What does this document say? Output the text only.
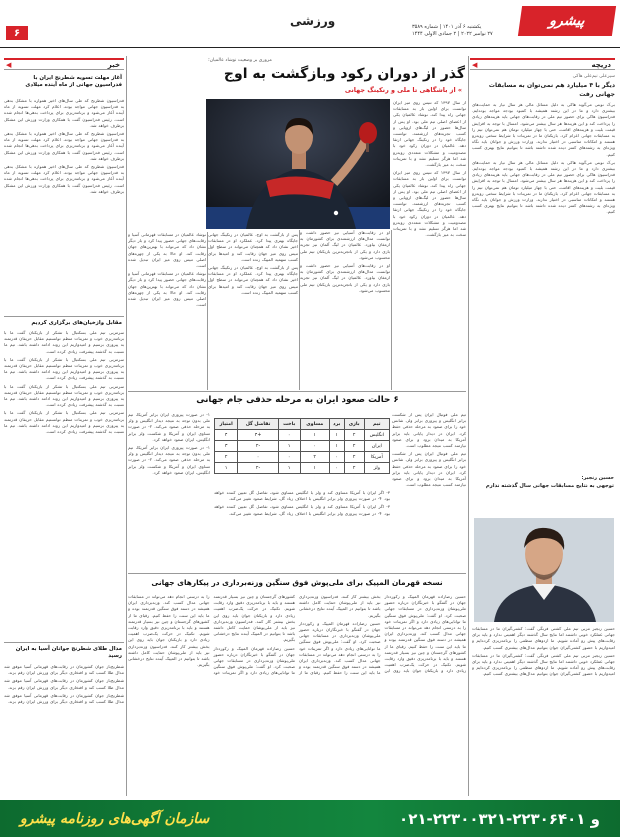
۶
ورزشی	یکشنبه ۶ آذر ۱۴۰۱ | شماره ۳۵۸۹
۲۷ نوامبر ۲۰۲۲ | ۲ جمادی الاولی ۱۴۴۴
پیشرو
دریچه
◀
سپرعلی نیم‌علی هاکی
دیگر با ۴ میلیارد هم نمی‌توان به مسابقات جهانی رفت

بی‌ک نوبتی می‌گوید هاکی به دلیل مسائل مالی هر سال نیاز به حمایت‌های بیشتری دارد و ما در این رشته همیشه با کمبود بودجه مواجه بوده‌ایم. فدراسیون هاکی برای حضور تیم ملی در رقابت‌های جهانی باید هزینه‌های زیادی را پرداخت کند و این هزینه‌ها هر سال بیشتر می‌شود. امسال با توجه به افزایش قیمت بلیت و هزینه‌های اقامت، حتی با چهار میلیارد تومان هم نمی‌توان تیم را به مسابقات جهانی اعزام کرد. بازیکنان ما در تمرینات با شرایط سختی روبه‌رو هستند و امکانات مناسبی در اختیار ندارند. وزارت ورزش و جوانان باید نگاه ویژه‌ای به رشته‌های کمتر دیده شده داشته باشد تا بتوانیم نتایج بهتری کسب کنیم.

بی‌ک نوبتی می‌گوید هاکی به دلیل مسائل مالی هر سال نیاز به حمایت‌های بیشتری دارد و ما در این رشته همیشه با کمبود بودجه مواجه بوده‌ایم. فدراسیون هاکی برای حضور تیم ملی در رقابت‌های جهانی باید هزینه‌های زیادی را پرداخت کند و این هزینه‌ها هر سال بیشتر می‌شود. امسال با توجه به افزایش قیمت بلیت و هزینه‌های اقامت، حتی با چهار میلیارد تومان هم نمی‌توان تیم را به مسابقات جهانی اعزام کرد. بازیکنان ما در تمرینات با شرایط سختی روبه‌رو هستند و امکانات مناسبی در اختیار ندارند. وزارت ورزش و جوانان باید نگاه ویژه‌ای به رشته‌های کمتر دیده شده داشته باشد تا بتوانیم نتایج بهتری کسب کنیم.

حسین رنجبر:
توجهی به نتایج مسابقات جهانی سال گذشته ندارم

حسین رنجبر مربی تیم ملی کشتی فرنگی گفت: کشتی‌گیران ما در مسابقات جهانی عملکرد خوبی داشتند اما نتایج سال گذشته دیگر اهمیتی ندارد و باید برای رقابت‌های پیش رو آماده شویم. ما اردوهای منظمی را برنامه‌ریزی کرده‌ایم و امیدواریم با حضور کشتی‌گیران جوان بتوانیم مدال‌های بیشتری کسب کنیم.

حسین رنجبر مربی تیم ملی کشتی فرنگی گفت: کشتی‌گیران ما در مسابقات جهانی عملکرد خوبی داشتند اما نتایج سال گذشته دیگر اهمیتی ندارد و باید برای رقابت‌های پیش رو آماده شویم. ما اردوهای منظمی را برنامه‌ریزی کرده‌ایم و امیدواریم با حضور کشتی‌گیران جوان بتوانیم مدال‌های بیشتری کسب کنیم.

مروری بر وضعیت نوشاد عالمیان؛
گذر از دوران رکود وبازگشت به اوج
» از باشگاهی تا ملی و رنکینگ جهانی

از سال ۱۳۹۷ که تنیس روی میز ایران توانست برای اولین بار به مسابقات جهانی راه پیدا کند، نوشاد عالمیان یکی از اعضای اصلی تیم ملی بود. او پس از سال‌ها حضور در لیگ‌های اروپایی و کسب تجربه‌های ارزشمند، توانست جایگاه خود را در رنکینگ جهانی ارتقا دهد. عالمیان در دوران رکود خود با مصدومیت و مشکلات متعددی روبه‌رو شد اما هرگز تسلیم نشد و با تمرینات سخت به میز بازگشت.

از سال ۱۳۹۷ که تنیس روی میز ایران توانست برای اولین بار به مسابقات جهانی راه پیدا کند، نوشاد عالمیان یکی از اعضای اصلی تیم ملی بود. او پس از سال‌ها حضور در لیگ‌های اروپایی و کسب تجربه‌های ارزشمند، توانست جایگاه خود را در رنکینگ جهانی ارتقا دهد. عالمیان در دوران رکود خود با مصدومیت و مشکلات متعددی روبه‌رو شد اما هرگز تسلیم نشد و با تمرینات سخت به میز بازگشت.

او در رقابت‌های آسیایی نیز حضور داشت و توانست مدال‌های ارزشمندی برای کشورمان به ارمغان بیاورد. عالمیان در لیگ آلمان نیز تجربه بازی دارد و یکی از باتجربه‌ترین بازیکنان تیم ملی محسوب می‌شود.

او در رقابت‌های آسیایی نیز حضور داشت و توانست مدال‌های ارزشمندی برای کشورمان به ارمغان بیاورد. عالمیان در لیگ آلمان نیز تجربه بازی دارد و یکی از باتجربه‌ترین بازیکنان تیم ملی محسوب می‌شود.

پس از بازگشت به اوج، عالمیان در رنکینگ جهانی جایگاه بهتری پیدا کرد. عملکرد او در مسابقات اخیر نشان داد که همچنان می‌تواند در سطح اول تنیس روی میز جهان رقابت کند و امیدها برای کسب سهمیه المپیک زنده است.

پس از بازگشت به اوج، عالمیان در رنکینگ جهانی جایگاه بهتری پیدا کرد. عملکرد او در مسابقات اخیر نشان داد که همچنان می‌تواند در سطح اول تنیس روی میز جهان رقابت کند و امیدها برای کسب سهمیه المپیک زنده است.

نوشاد عالمیان در مسابقات قهرمانی آسیا و رقابت‌های جهانی حضور پیدا کرد و بار دیگر نشان داد که می‌تواند با بهترین‌های جهان رقابت کند. او حالا به یکی از چهره‌های اصلی تنیس روی میز ایران تبدیل شده است.

نوشاد عالمیان در مسابقات قهرمانی آسیا و رقابت‌های جهانی حضور پیدا کرد و بار دیگر نشان داد که می‌تواند با بهترین‌های جهان رقابت کند. او حالا به یکی از چهره‌های اصلی تنیس روی میز ایران تبدیل شده است.

۶ حالت صعود ایران به مرحله حذفی جام جهانی

تیم ملی فوتبال ایران پس از شکست برابر انگلیس و پیروزی برابر ولز، شانس خود را برای صعود به مرحله حذفی حفظ کرد. ایران در دیدار پایانی باید برابر آمریکا به میدان برود و برای صعود نیازمند کسب نتیجه مطلوب است.

تیم ملی فوتبال ایران پس از شکست برابر انگلیس و پیروزی برابر ولز، شانس خود را برای صعود به مرحله حذفی حفظ کرد. ایران در دیدار پایانی باید برابر آمریکا به میدان برود و برای صعود نیازمند کسب نتیجه مطلوب است.

۱- در صورت پیروزی ایران برابر آمریکا، تیم ملی بدون توجه به نتیجه دیدار انگلیس و ولز به مرحله حذفی صعود می‌کند. ۲- در صورت تساوی ایران و آمریکا و شکست ولز برابر انگلیس، ایران صعود خواهد کرد.

۱- در صورت پیروزی ایران برابر آمریکا، تیم ملی بدون توجه به نتیجه دیدار انگلیس و ولز به مرحله حذفی صعود می‌کند. ۲- در صورت تساوی ایران و آمریکا و شکست ولز برابر انگلیس، ایران صعود خواهد کرد.

تیم	بازی	برد	مساوی	باخت	تفاضل گل	امتیاز
انگلیس	۲	۱	۱	۰	+۴	۴
ایران	۲	۱	۰	۱	-۲	۳
آمریکا	۲	۰	۲	۰	۰	۲
ولز	۲	۰	۱	۱	-۲	۱

۳- اگر ایران با آمریکا مساوی کند و ولز با انگلیس مساوی شود، تفاضل گل تعیین کننده خواهد بود. ۴- در صورت پیروزی ولز برابر انگلیس با اختلاف زیاد گل، شرایط صعود تغییر می‌کند.

۳- اگر ایران با آمریکا مساوی کند و ولز با انگلیس مساوی شود، تفاضل گل تعیین کننده خواهد بود. ۴- در صورت پیروزی ولز برابر انگلیس با اختلاف زیاد گل، شرایط صعود تغییر می‌کند.

نسخه قهرمان المپیک برای ملی‌پوش فوق سنگین وزنه‌برداری در پیکارهای جهانی

حسین رضازاده قهرمان المپیک و رکورددار جهان در گفتگو با خبرنگاران درباره حضور ملی‌پوشان وزنه‌برداری در مسابقات جهانی صحبت کرد. او گفت: ملی‌پوش فوق سنگین ما توانایی‌های زیادی دارد و اگر تمرینات خود را به درستی انجام دهد می‌تواند در مسابقات جهانی مدال کسب کند. وزنه‌برداری ایران همیشه در دسته فوق سنگین قدرتمند بوده و ما باید این سنت را حفظ کنیم. رقبای ما از کشورهای گرجستان و چین نیز بسیار قدرتمند هستند و باید با برنامه‌ریزی دقیق وارد رقابت شویم. تکنیک در حرکت یک‌ضرب اهمیت زیادی دارد و بازیکنان جوان باید روی این بخش بیشتر کار کنند. فدراسیون وزنه‌برداری نیز باید از ملی‌پوشان حمایت کامل داشته باشد تا بتوانیم در المپیک آینده نتایج درخشانی بگیریم.

حسین رضازاده قهرمان المپیک و رکورددار جهان در گفتگو با خبرنگاران درباره حضور ملی‌پوشان وزنه‌برداری در مسابقات جهانی صحبت کرد. او گفت: ملی‌پوش فوق سنگین ما توانایی‌های زیادی دارد و اگر تمرینات خود را به درستی انجام دهد می‌تواند در مسابقات جهانی مدال کسب کند. وزنه‌برداری ایران همیشه در دسته فوق سنگین قدرتمند بوده و ما باید این سنت را حفظ کنیم. رقبای ما از کشورهای گرجستان و چین نیز بسیار قدرتمند هستند و باید با برنامه‌ریزی دقیق وارد رقابت شویم. تکنیک در حرکت یک‌ضرب اهمیت زیادی دارد و بازیکنان جوان باید روی این بخش بیشتر کار کنند. فدراسیون وزنه‌برداری نیز باید از ملی‌پوشان حمایت کامل داشته باشد تا بتوانیم در المپیک آینده نتایج درخشانی بگیریم.

حسین رضازاده قهرمان المپیک و رکورددار جهان در گفتگو با خبرنگاران درباره حضور ملی‌پوشان وزنه‌برداری در مسابقات جهانی صحبت کرد. او گفت: ملی‌پوش فوق سنگین ما توانایی‌های زیادی دارد و اگر تمرینات خود را به درستی انجام دهد می‌تواند در مسابقات جهانی مدال کسب کند. وزنه‌برداری ایران همیشه در دسته فوق سنگین قدرتمند بوده و ما باید این سنت را حفظ کنیم. رقبای ما از کشورهای گرجستان و چین نیز بسیار قدرتمند هستند و باید با برنامه‌ریزی دقیق وارد رقابت شویم. تکنیک در حرکت یک‌ضرب اهمیت زیادی دارد و بازیکنان جوان باید روی این بخش بیشتر کار کنند. فدراسیون وزنه‌برداری نیز باید از ملی‌پوشان حمایت کامل داشته باشد تا بتوانیم در المپیک آینده نتایج درخشانی بگیریم.

خبر
◀
آغاز مهلت تسویه شطرنج ایران با فدراسیون جهانی از ماه آینده میلادی

فدراسیون شطرنج که طی سال‌های اخیر همواره با مشکل بدهی به فدراسیون جهانی مواجه بوده، اعلام کرد مهلت تسویه از ماه آینده آغاز می‌شود و برنامه‌ریزی برای پرداخت بدهی‌ها انجام شده است. رئیس فدراسیون گفت با همکاری وزارت ورزش این مشکل برطرف خواهد شد.

فدراسیون شطرنج که طی سال‌های اخیر همواره با مشکل بدهی به فدراسیون جهانی مواجه بوده، اعلام کرد مهلت تسویه از ماه آینده آغاز می‌شود و برنامه‌ریزی برای پرداخت بدهی‌ها انجام شده است. رئیس فدراسیون گفت با همکاری وزارت ورزش این مشکل برطرف خواهد شد.

فدراسیون شطرنج که طی سال‌های اخیر همواره با مشکل بدهی به فدراسیون جهانی مواجه بوده، اعلام کرد مهلت تسویه از ماه آینده آغاز می‌شود و برنامه‌ریزی برای پرداخت بدهی‌ها انجام شده است. رئیس فدراسیون گفت با همکاری وزارت ورزش این مشکل برطرف خواهد شد.

مقابل وازخیان‌های برگزاری کردیم

سرمربی تیم ملی بسکتبال با تشکر از بازیکنان گفت ما با برنامه‌ریزی خوب و تمرینات منظم توانستیم مقابل حریفان قدرتمند به پیروزی برسیم و امیدواریم این روند ادامه داشته باشد. تیم ما نسبت به گذشته پیشرفت زیادی کرده است.

سرمربی تیم ملی بسکتبال با تشکر از بازیکنان گفت ما با برنامه‌ریزی خوب و تمرینات منظم توانستیم مقابل حریفان قدرتمند به پیروزی برسیم و امیدواریم این روند ادامه داشته باشد. تیم ما نسبت به گذشته پیشرفت زیادی کرده است.

سرمربی تیم ملی بسکتبال با تشکر از بازیکنان گفت ما با برنامه‌ریزی خوب و تمرینات منظم توانستیم مقابل حریفان قدرتمند به پیروزی برسیم و امیدواریم این روند ادامه داشته باشد. تیم ما نسبت به گذشته پیشرفت زیادی کرده است.

سرمربی تیم ملی بسکتبال با تشکر از بازیکنان گفت ما با برنامه‌ریزی خوب و تمرینات منظم توانستیم مقابل حریفان قدرتمند به پیروزی برسیم و امیدواریم این روند ادامه داشته باشد. تیم ما نسبت به گذشته پیشرفت زیادی کرده است.

مدال طلای شطرنج جوانان آسیا به ایران رسید

شطرنج‌باز جوان کشورمان در رقابت‌های قهرمانی آسیا موفق شد مدال طلا کسب کند و افتخاری دیگر برای ورزش ایران رقم بزند.

شطرنج‌باز جوان کشورمان در رقابت‌های قهرمانی آسیا موفق شد مدال طلا کسب کند و افتخاری دیگر برای ورزش ایران رقم بزند.

شطرنج‌باز جوان کشورمان در رقابت‌های قهرمانی آسیا موفق شد مدال طلا کسب کند و افتخاری دیگر برای ورزش ایران رقم بزند.

۰۲۱-۲۲۳۰۰۳۲۱-۲۲۳۰۶۴۰۱ و
سازمان آگهی‌های روزنامه پیشرو
